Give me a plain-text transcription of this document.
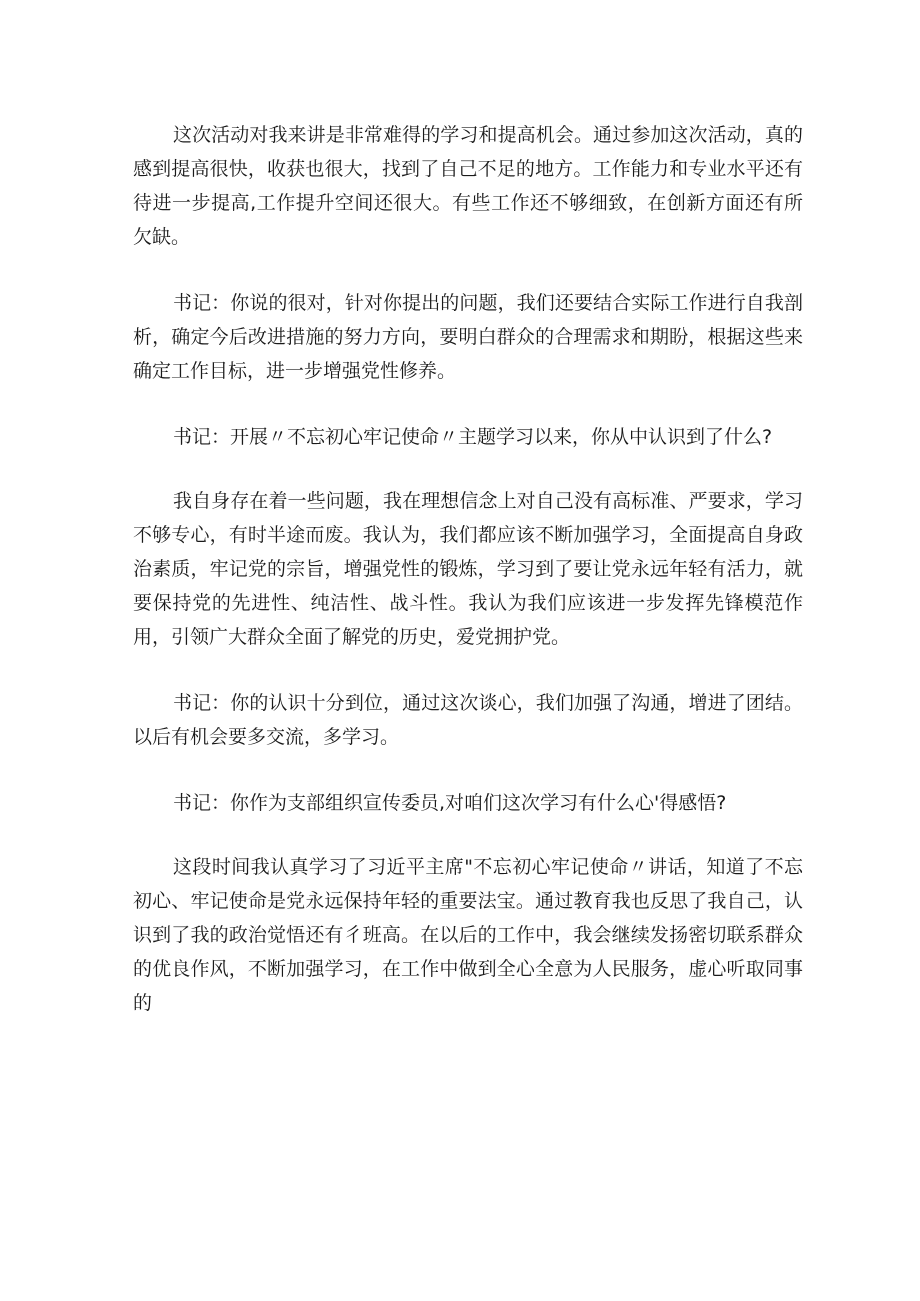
这次活动对我来讲是非常难得的学习和提高机会。通过参加这次活动，真的感到提高很快，收获也很大，找到了自己不足的地方。工作能力和专业水平还有待进一步提高,工作提升空间还很大。有些工作还不够细致，在创新方面还有所欠缺。

书记：你说的很对，针对你提出的问题，我们还要结合实际工作进行自我剖析，确定今后改进措施的努力方向，要明白群众的合理需求和期盼，根据这些来确定工作目标，进一步增强党性修养。

书记：开展〃不忘初心牢记使命〃主题学习以来，你从中认识到了什么?

我自身存在着一些问题，我在理想信念上对自己没有高标准、严要求，学习不够专心，有时半途而废。我认为，我们都应该不断加强学习，全面提高自身政治素质，牢记党的宗旨，增强党性的锻炼，学习到了要让党永远年轻有活力，就要保持党的先进性、纯洁性、战斗性。我认为我们应该进一步发挥先锋模范作用，引领广大群众全面了解党的历史，爱党拥护党。

书记：你的认识十分到位，通过这次谈心，我们加强了沟通，增进了团结。以后有机会要多交流，多学习。

书记：你作为支部组织宣传委员,对咱们这次学习有什么心'得感悟?

这段时间我认真学习了习近平主席"不忘初心牢记使命〃讲话，知道了不忘初心、牢记使命是党永远保持年轻的重要法宝。通过教育我也反思了我自己，认识到了我的政治觉悟还有彳班高。在以后的工作中，我会继续发扬密切联系群众的优良作风，不断加强学习，在工作中做到全心全意为人民服务，虚心听取同事的
